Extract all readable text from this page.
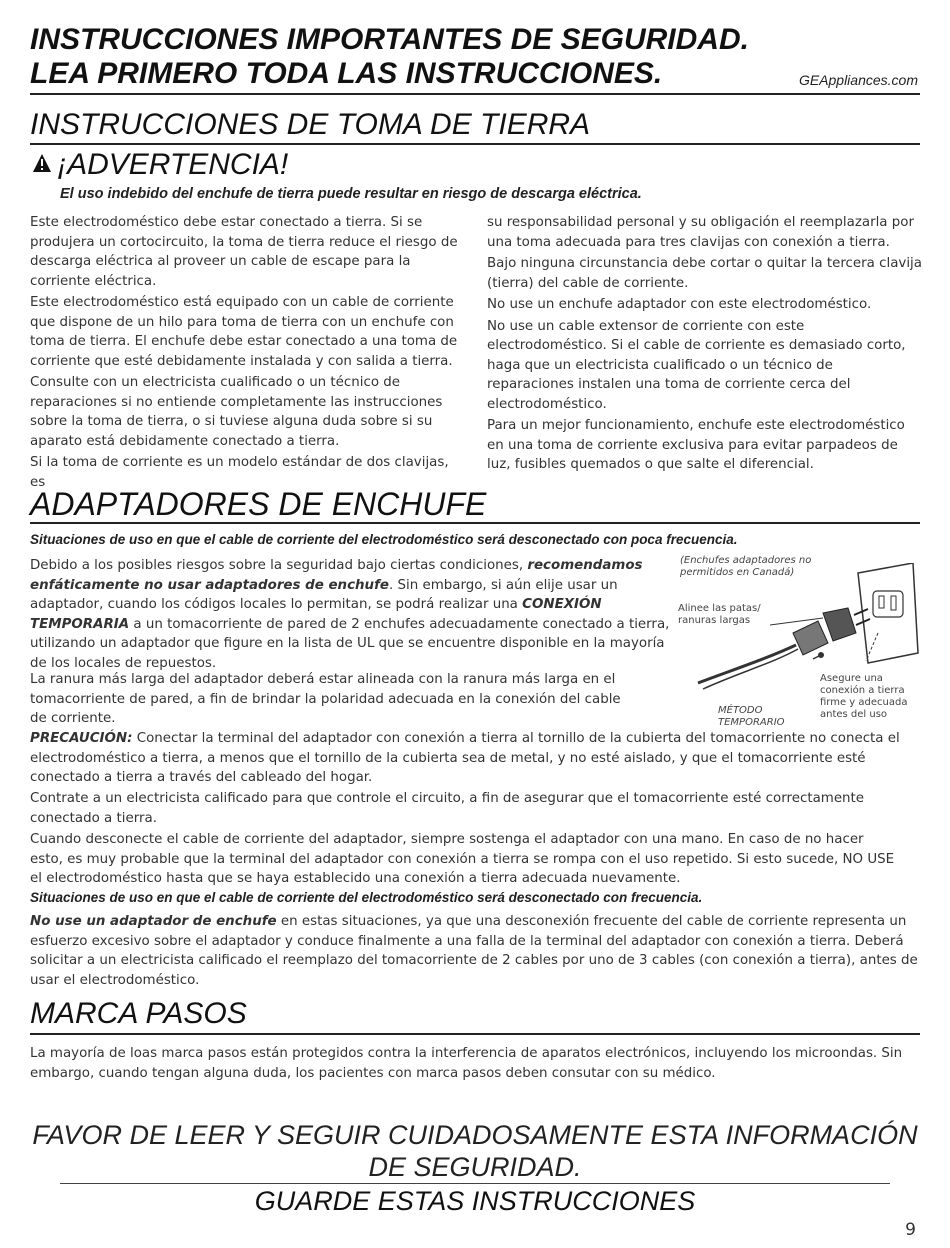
INSTRUCCIONES IMPORTANTES DE SEGURIDAD.
LEA PRIMERO TODA LAS INSTRUCCIONES.	GEAppliances.com
INSTRUCCIONES DE TOMA DE TIERRA
¡ADVERTENCIA!
El uso indebido del enchufe de tierra puede resultar en riesgo de descarga eléctrica.

Este electrodoméstico debe estar conectado a tierra. Si se produjera un cortocircuito, la toma de tierra reduce el riesgo de descarga eléctrica al proveer un cable de escape para la corriente eléctrica.

Este electrodoméstico está equipado con un cable de corriente que dispone de un hilo para toma de tierra con un enchufe con toma de tierra. El enchufe debe estar conectado a una toma de corriente que esté debidamente instalada y con salida a tierra.

Consulte con un electricista cualificado o un técnico de reparaciones si no entiende completamente las instrucciones sobre la toma de tierra, o si tuviese alguna duda sobre si su aparato está debidamente conectado a tierra.

Si la toma de corriente es un modelo estándar de dos clavijas, es

su responsabilidad personal y su obligación el reemplazarla por una toma adecuada para tres clavijas con conexión a tierra.

Bajo ninguna circunstancia debe cortar o quitar la tercera clavija (tierra) del cable de corriente.

No use un enchufe adaptador con este electrodoméstico.

No use un cable extensor de corriente con este electrodoméstico. Si el cable de corriente es demasiado corto, haga que un electricista cualificado o un técnico de reparaciones instalen una toma de corriente cerca del electrodoméstico.

Para un mejor funcionamiento, enchufe este electrodoméstico en una toma de corriente exclusiva para evitar parpadeos de luz, fusibles quemados o que salte el diferencial.

ADAPTADORES DE ENCHUFE
Situaciones de uso en que el cable de corriente del electrodoméstico será desconectado con poca frecuencia.

Debido a los posibles riesgos sobre la seguridad bajo ciertas condiciones, recomendamos enfáticamente no usar adaptadores de enchufe. Sin embargo, si aún elije usar un adaptador, cuando los códigos locales lo permitan, se podrá realizar una CONEXIÓN TEMPORARIA a un tomacorriente de pared de 2 enchufes adecuadamente conectado a tierra, utilizando un adaptador que figure en la lista de UL que se encuentre disponible en la mayoría de los locales de repuestos.

La ranura más larga del adaptador deberá estar alineada con la ranura más larga en el tomacorriente de pared, a fin de brindar la polaridad adecuada en la conexión del cable de corriente.

(Enchufes adaptadores no permitidos en Canadá)
Alinee las patas/ ranuras largas
Asegure una conexión a tierra firme y adecuada antes del uso
MÉTODO TEMPORARIO

PRECAUCIÓN: Conectar la terminal del adaptador con conexión a tierra al tornillo de la cubierta del tomacorriente no conecta el electrodoméstico a tierra, a menos que el tornillo de la cubierta sea de metal, y no esté aislado, y que el tomacorriente esté conectado a tierra a través del cableado del hogar.

Contrate a un electricista calificado para que controle el circuito, a fin de asegurar que el tomacorriente esté correctamente conectado a tierra.

Cuando desconecte el cable de corriente del adaptador, siempre sostenga el adaptador con una mano. En caso de no hacer esto, es muy probable que la terminal del adaptador con conexión a tierra se rompa con el uso repetido. Si esto sucede, NO USE el electrodoméstico hasta que se haya establecido una conexión a tierra adecuada nuevamente.

Situaciones de uso en que el cable de corriente del electrodoméstico será desconectado con frecuencia.

No use un adaptador de enchufe en estas situaciones, ya que una desconexión frecuente del cable de corriente representa un esfuerzo excesivo sobre el adaptador y conduce finalmente a una falla de la terminal del adaptador con conexión a tierra. Deberá solicitar a un electricista calificado el reemplazo del tomacorriente de 2 cables por uno de 3 cables (con conexión a tierra), antes de usar el electrodoméstico.

MARCA PASOS

La mayoría de loas marca pasos están protegidos contra la interferencia de aparatos electrónicos, incluyendo los microondas. Sin embargo, cuando tengan alguna duda, los pacientes con marca pasos deben consutar con su médico.

FAVOR DE LEER Y SEGUIR CUIDADOSAMENTE ESTA INFORMACIÓN
DE SEGURIDAD.
GUARDE ESTAS INSTRUCCIONES
9
